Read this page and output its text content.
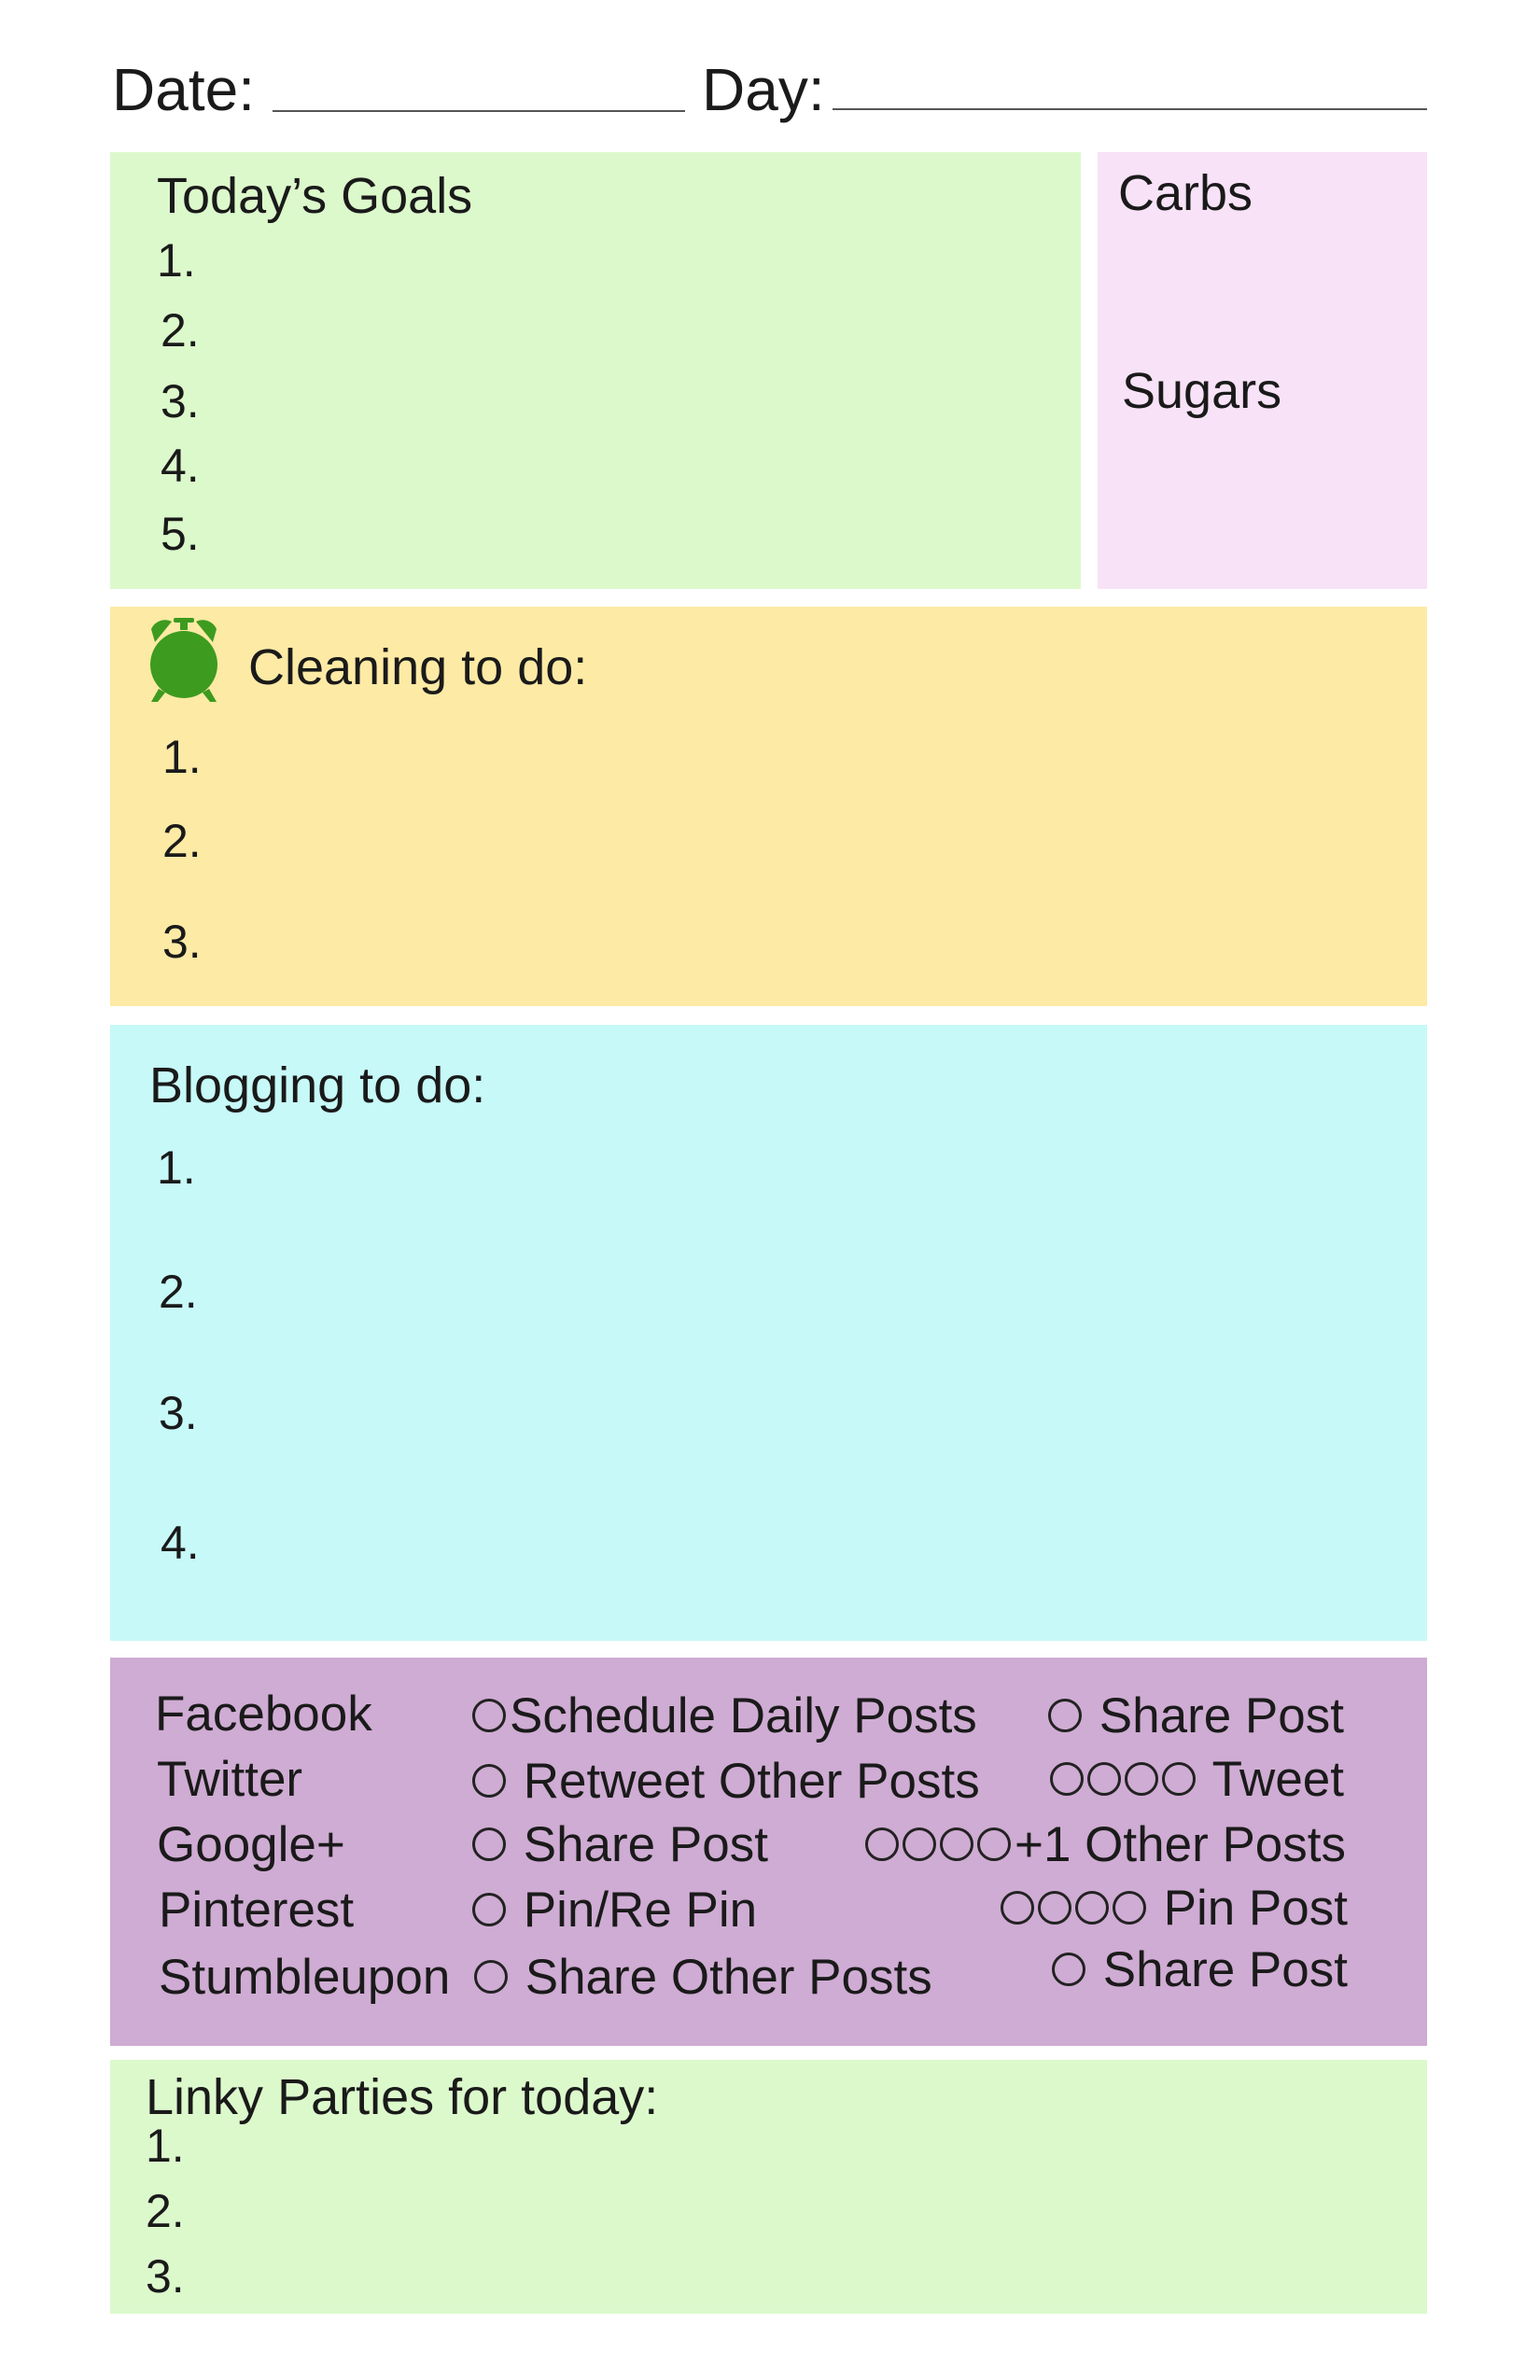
Date:	Day:
Today’s Goals
1.
2.
3.
4.
5.
Carbs
Sugars
Cleaning to do:
1.
2.
3.
Blogging to do:
1.
2.
3.
4.
Facebook
Twitter
Google+
Pinterest
Stumbleupon
Schedule Daily Posts
Retweet Other Posts
Share Post
Pin/Re Pin
Share Other Posts
Share Post
Tweet
+1 Other Posts
Pin Post
Share Post
Linky Parties for today:
1.
2.
3.
